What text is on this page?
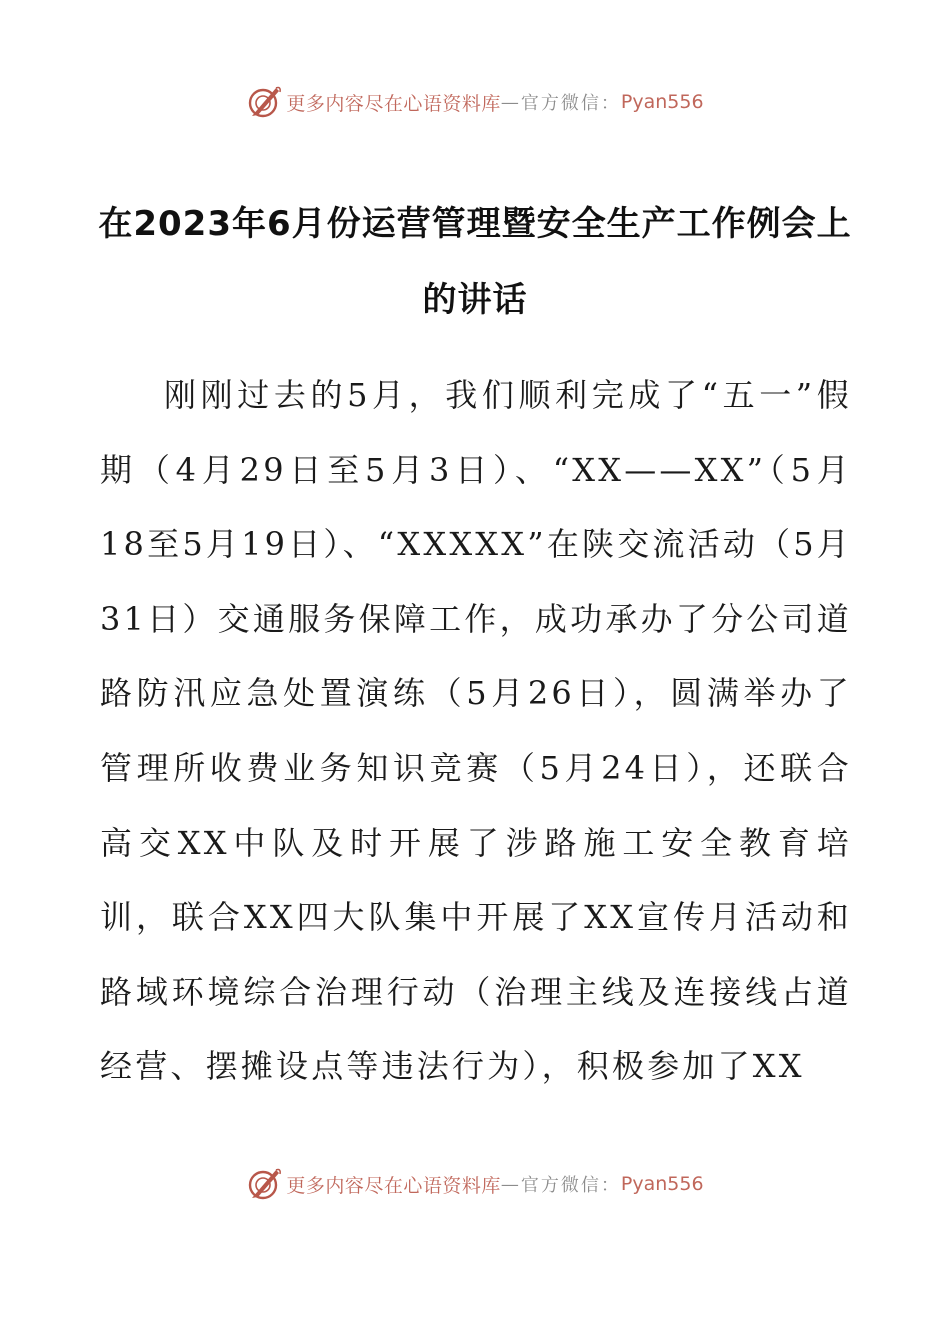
更多内容尽在心语资料库 — 官方微信： Pyan556
在2023年6月份运营管理暨安全生产工作例会上的讲话

刚刚过去的5月，我们顺利完成了“五一”假期（4月29日至5月3日）、“XX——XX”（5月18至5月19日）、“XXXXX”在陕交流活动（5月31日）交通服务保障工作，成功承办了分公司道路防汛应急处置演练（5月26日），圆满举办了管理所收费业务知识竞赛（5月24日），还联合高交XX中队及时开展了涉路施工安全教育培训，联合XX四大队集中开展了XX宣传月活动和路域环境综合治理行动（治理主线及连接线占道经营、摆摊设点等违法行为），积极参加了XX

更多内容尽在心语资料库 — 官方微信： Pyan556
